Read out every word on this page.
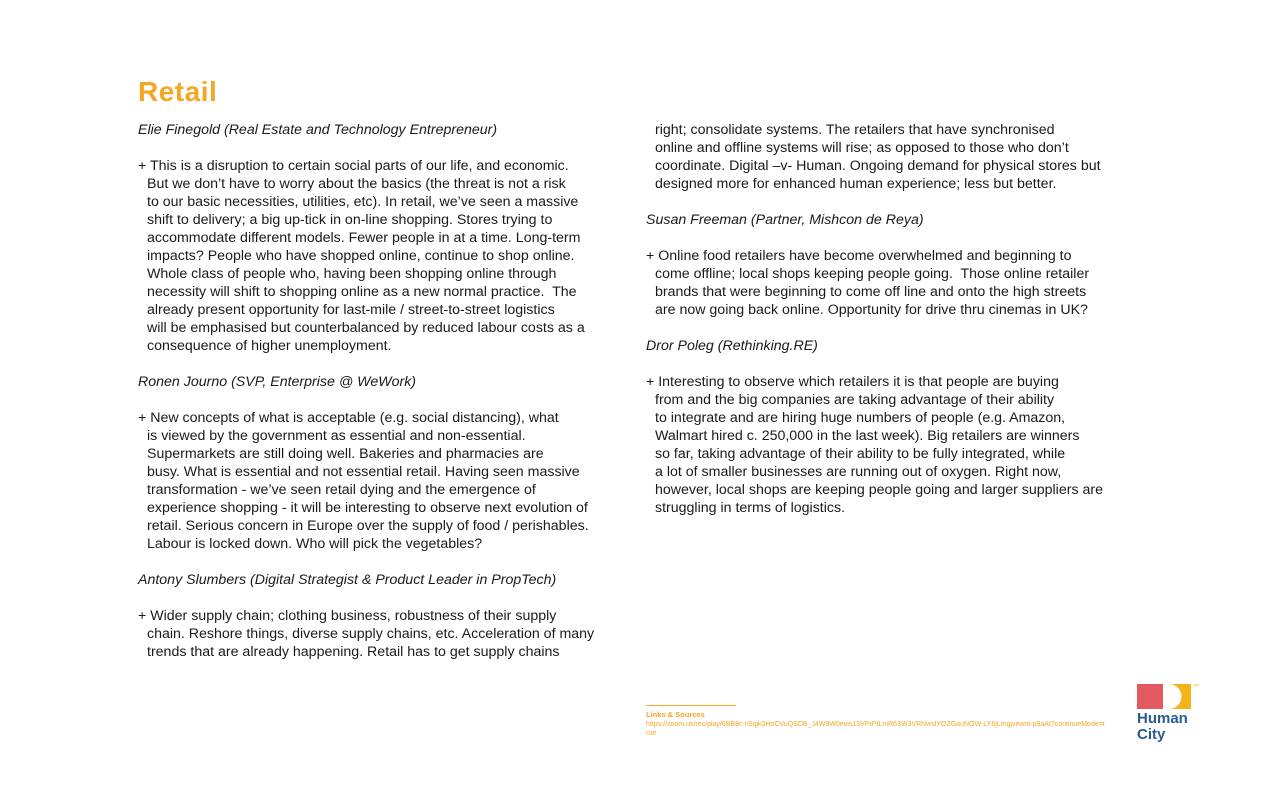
Retail
Elie Finegold (Real Estate and Technology Entrepreneur)
+ This is a disruption to certain social parts of our life, and economic.
But we don’t have to worry about the basics (the threat is not a risk
to our basic necessities, utilities, etc). In retail, we’ve seen a massive
shift to delivery; a big up-tick in on-line shopping. Stores trying to
accommodate different models. Fewer people in at a time. Long-term
impacts? People who have shopped online, continue to shop online.
Whole class of people who, having been shopping online through
necessity will shift to shopping online as a new normal practice.  The
already present opportunity for last-mile / street-to-street logistics
will be emphasised but counterbalanced by reduced labour costs as a
consequence of higher unemployment.
Ronen Journo (SVP, Enterprise @ WeWork)
+ New concepts of what is acceptable (e.g. social distancing), what
is viewed by the government as essential and non-essential.
Supermarkets are still doing well. Bakeries and pharmacies are
busy. What is essential and not essential retail. Having seen massive
transformation - we’ve seen retail dying and the emergence of
experience shopping - it will be interesting to observe next evolution of
retail. Serious concern in Europe over the supply of food / perishables.
Labour is locked down. Who will pick the vegetables?
Antony Slumbers (Digital Strategist & Product Leader in PropTech)
+ Wider supply chain; clothing business, robustness of their supply
chain. Reshore things, diverse supply chains, etc. Acceleration of many
trends that are already happening. Retail has to get supply chains
right; consolidate systems. The retailers that have synchronised
online and offline systems will rise; as opposed to those who don’t
coordinate. Digital –v- Human. Ongoing demand for physical stores but
designed more for enhanced human experience; less but better.
Susan Freeman (Partner, Mishcon de Reya)
+ Online food retailers have become overwhelmed and beginning to
come offline; local shops keeping people going.  Those online retailer
brands that were beginning to come off line and onto the high streets
are now going back online. Opportunity for drive thru cinemas in UK?
Dror Poleg (Rethinking.RE)
+ Interesting to observe which retailers it is that people are buying
from and the big companies are taking advantage of their ability
to integrate and are hiring huge numbers of people (e.g. Amazon,
Walmart hired c. 250,000 in the last week). Big retailers are winners
so far, taking advantage of their ability to be fully integrated, while
a lot of smaller businesses are running out of oxygen. Right now,
however, local shops are keeping people going and larger suppliers are
struggling in terms of logistics.
Links & Sources
https://zoom.us/rec/play/6BB8c-n5qjk3HoCVuQSDB_J4W9W0evis13VPrPtLmR63W3VRNwslYOZGauNOW-LY6jLmgjvewnt-p9aAt?continueMode=true
™
Human
City
